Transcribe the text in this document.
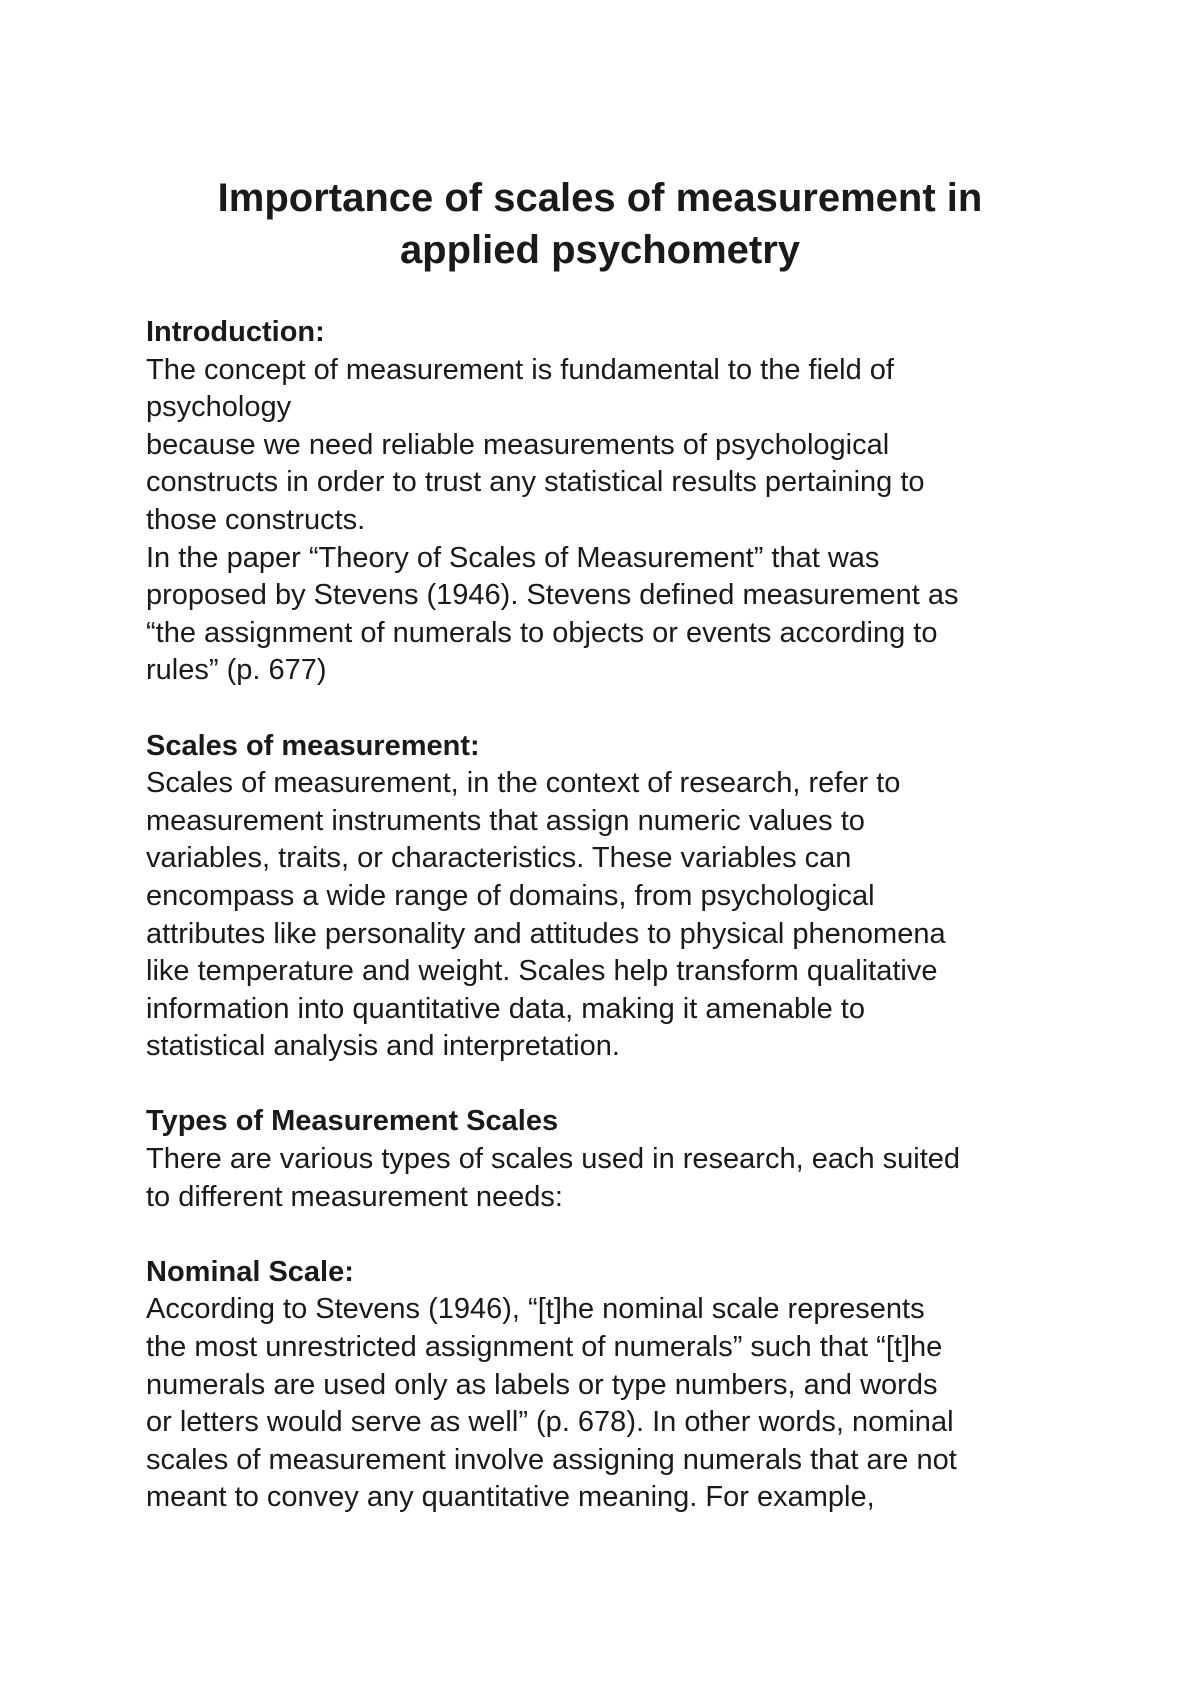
Importance of scales of measurement in
applied psychometry
Introduction:
The concept of measurement is fundamental to the field of
psychology
because we need reliable measurements of psychological
constructs in order to trust any statistical results pertaining to
those constructs.
In the paper “Theory of Scales of Measurement” that was
proposed by Stevens (1946). Stevens defined measurement as
“the assignment of numerals to objects or events according to
rules” (p. 677)
Scales of measurement:
Scales of measurement, in the context of research, refer to
measurement instruments that assign numeric values to
variables, traits, or characteristics. These variables can
encompass a wide range of domains, from psychological
attributes like personality and attitudes to physical phenomena
like temperature and weight. Scales help transform qualitative
information into quantitative data, making it amenable to
statistical analysis and interpretation.
Types of Measurement Scales
There are various types of scales used in research, each suited
to different measurement needs:
Nominal Scale:
According to Stevens (1946), “[t]he nominal scale represents
the most unrestricted assignment of numerals” such that “[t]he
numerals are used only as labels or type numbers, and words
or letters would serve as well” (p. 678). In other words, nominal
scales of measurement involve assigning numerals that are not
meant to convey any quantitative meaning. For example,
